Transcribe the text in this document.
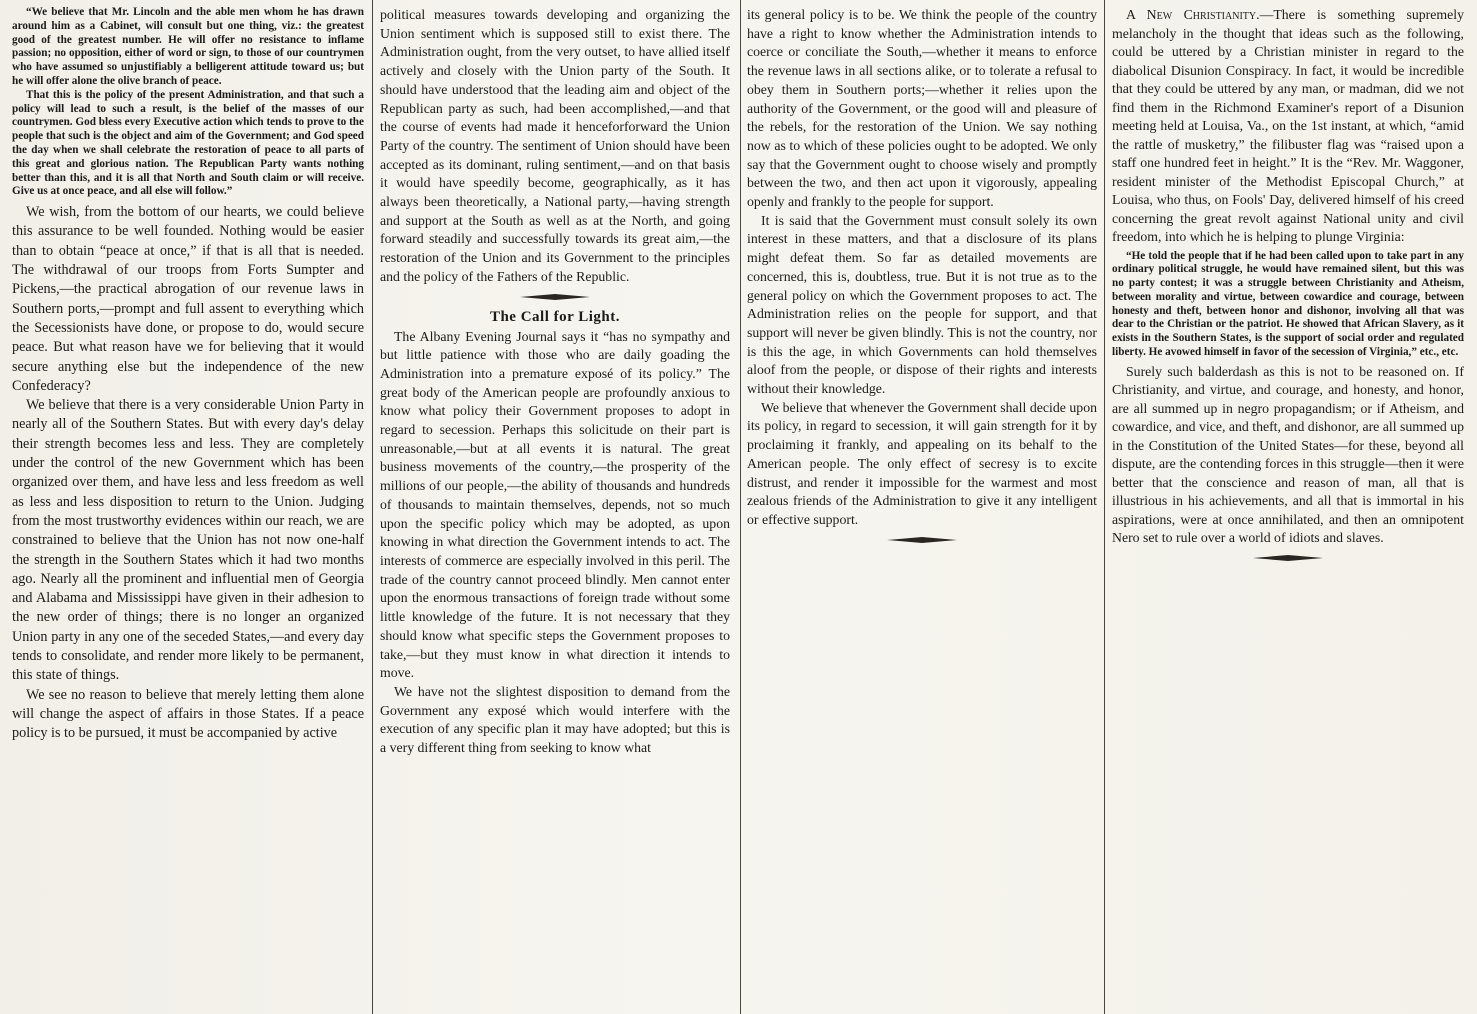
“We believe that Mr. Lincoln and the able men whom he has drawn around him as a Cabinet, will consult but one thing, viz.: the greatest good of the greatest number. He will offer no resistance to inflame passion; no opposition, either of word or sign, to those of our countrymen who have assumed so unjustifiably a belligerent attitude toward us; but he will offer alone the olive branch of peace.

That this is the policy of the present Administration, and that such a policy will lead to such a result, is the belief of the masses of our countrymen. God bless every Executive action which tends to prove to the people that such is the object and aim of the Government; and God speed the day when we shall celebrate the restoration of peace to all parts of this great and glorious nation. The Republican Party wants nothing better than this, and it is all that North and South claim or will receive. Give us at once peace, and all else will follow.”

We wish, from the bottom of our hearts, we could believe this assurance to be well founded. Nothing would be easier than to obtain “peace at once,” if that is all that is needed. The withdrawal of our troops from Forts Sumpter and Pickens,—the practical abrogation of our revenue laws in Southern ports,—prompt and full assent to everything which the Secessionists have done, or propose to do, would secure peace. But what reason have we for believing that it would secure anything else but the independence of the new Confederacy?

We believe that there is a very considerable Union Party in nearly all of the Southern States. But with every day's delay their strength becomes less and less. They are completely under the control of the new Government which has been organized over them, and have less and less freedom as well as less and less disposition to return to the Union. Judging from the most trustworthy evidences within our reach, we are constrained to believe that the Union has not now one-half the strength in the Southern States which it had two months ago. Nearly all the prominent and influential men of Georgia and Alabama and Mississippi have given in their adhesion to the new order of things; there is no longer an organized Union party in any one of the seceded States,—and every day tends to consolidate, and render more likely to be permanent, this state of things.

We see no reason to believe that merely letting them alone will change the aspect of affairs in those States. If a peace policy is to be pursued, it must be accompanied by active

political measures towards developing and organizing the Union sentiment which is supposed still to exist there. The Administration ought, from the very outset, to have allied itself actively and closely with the Union party of the South. It should have understood that the leading aim and object of the Republican party as such, had been accomplished,—and that the course of events had made it henceforforward the Union Party of the country. The sentiment of Union should have been accepted as its dominant, ruling sentiment,—and on that basis it would have speedily become, geographically, as it has always been theoretically, a National party,—having strength and support at the South as well as at the North, and going forward steadily and successfully towards its great aim,—the restoration of the Union and its Government to the principles and the policy of the Fathers of the Republic.

The Call for Light.

The Albany Evening Journal says it “has no sympathy and but little patience with those who are daily goading the Administration into a premature exposé of its policy.” The great body of the American people are profoundly anxious to know what policy their Government proposes to adopt in regard to secession. Perhaps this solicitude on their part is unreasonable,—but at all events it is natural. The great business movements of the country,—the prosperity of the millions of our people,—the ability of thousands and hundreds of thousands to maintain themselves, depends, not so much upon the specific policy which may be adopted, as upon knowing in what direction the Government intends to act. The interests of commerce are especially involved in this peril. The trade of the country cannot proceed blindly. Men cannot enter upon the enormous transactions of foreign trade without some little knowledge of the future. It is not necessary that they should know what specific steps the Government proposes to take,—but they must know in what direction it intends to move.

We have not the slightest disposition to demand from the Government any exposé which would interfere with the execution of any specific plan it may have adopted; but this is a very different thing from seeking to know what

its general policy is to be. We think the people of the country have a right to know whether the Administration intends to coerce or conciliate the South,—whether it means to enforce the revenue laws in all sections alike, or to tolerate a refusal to obey them in Southern ports;—whether it relies upon the authority of the Government, or the good will and pleasure of the rebels, for the restoration of the Union. We say nothing now as to which of these policies ought to be adopted. We only say that the Government ought to choose wisely and promptly between the two, and then act upon it vigorously, appealing openly and frankly to the people for support.

It is said that the Government must consult solely its own interest in these matters, and that a disclosure of its plans might defeat them. So far as detailed movements are concerned, this is, doubtless, true. But it is not true as to the general policy on which the Government proposes to act. The Administration relies on the people for support, and that support will never be given blindly. This is not the country, nor is this the age, in which Governments can hold themselves aloof from the people, or dispose of their rights and interests without their knowledge.

We believe that whenever the Government shall decide upon its policy, in regard to secession, it will gain strength for it by proclaiming it frankly, and appealing on its behalf to the American people. The only effect of secresy is to excite distrust, and render it impossible for the warmest and most zealous friends of the Administration to give it any intelligent or effective support.

A New Christianity.—There is something supremely melancholy in the thought that ideas such as the following, could be uttered by a Christian minister in regard to the diabolical Disunion Conspiracy. In fact, it would be incredible that they could be uttered by any man, or madman, did we not find them in the Richmond Examiner's report of a Disunion meeting held at Louisa, Va., on the 1st instant, at which, “amid the rattle of musketry,” the filibuster flag was “raised upon a staff one hundred feet in height.” It is the “Rev. Mr. Waggoner, resident minister of the Methodist Episcopal Church,” at Louisa, who thus, on Fools' Day, delivered himself of his creed concerning the great revolt against National unity and civil freedom, into which he is helping to plunge Virginia:

“He told the people that if he had been called upon to take part in any ordinary political struggle, he would have remained silent, but this was no party contest; it was a struggle between Christianity and Atheism, between morality and virtue, between cowardice and courage, between honesty and theft, between honor and dishonor, involving all that was dear to the Christian or the patriot. He showed that African Slavery, as it exists in the Southern States, is the support of social order and regulated liberty. He avowed himself in favor of the secession of Virginia,” etc., etc.

Surely such balderdash as this is not to be reasoned on. If Christianity, and virtue, and courage, and honesty, and honor, are all summed up in negro propagandism; or if Atheism, and cowardice, and vice, and theft, and dishonor, are all summed up in the Constitution of the United States—for these, beyond all dispute, are the contending forces in this struggle—then it were better that the conscience and reason of man, all that is illustrious in his achievements, and all that is immortal in his aspirations, were at once annihilated, and then an omnipotent Nero set to rule over a world of idiots and slaves.
